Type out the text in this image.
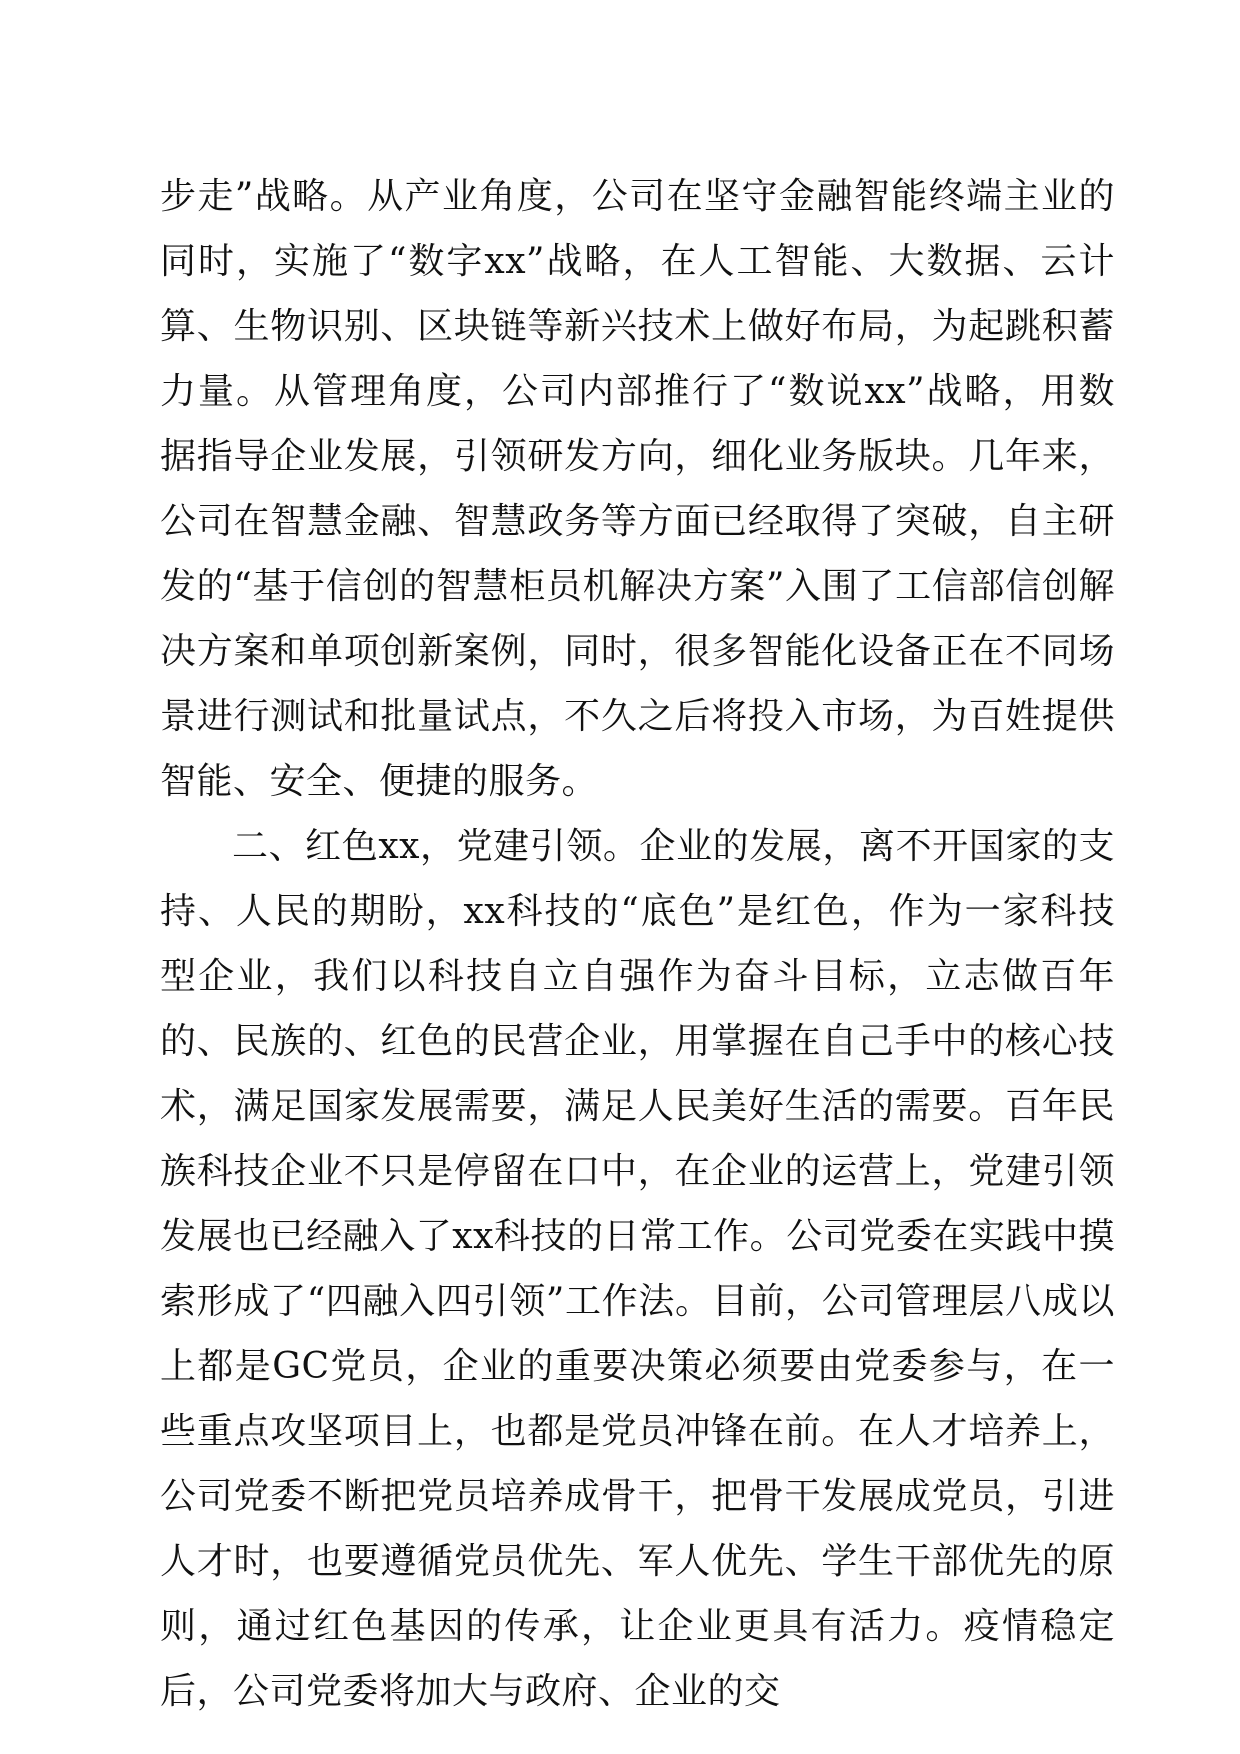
步走”战略。从产业角度，公司在坚守金融智能终端主业的同时，实施了“数字xx”战略，在人工智能、大数据、云计算、生物识别、区块链等新兴技术上做好布局，为起跳积蓄力量。从管理角度，公司内部推行了“数说xx”战略，用数据指导企业发展，引领研发方向，细化业务版块。几年来，公司在智慧金融、智慧政务等方面已经取得了突破，自主研发的“基于信创的智慧柜员机解决方案”入围了工信部信创解决方案和单项创新案例，同时，很多智能化设备正在不同场景进行测试和批量试点，不久之后将投入市场，为百姓提供智能、安全、便捷的服务。

二、红色xx，党建引领。企业的发展，离不开国家的支持、人民的期盼，xx科技的“底色”是红色，作为一家科技型企业，我们以科技自立自强作为奋斗目标，立志做百年的、民族的、红色的民营企业，用掌握在自己手中的核心技术，满足国家发展需要，满足人民美好生活的需要。百年民族科技企业不只是停留在口中，在企业的运营上，党建引领发展也已经融入了xx科技的日常工作。公司党委在实践中摸索形成了“四融入四引领”工作法。目前，公司管理层八成以上都是GC党员，企业的重要决策必须要由党委参与，在一些重点攻坚项目上，也都是党员冲锋在前。在人才培养上，公司党委不断把党员培养成骨干，把骨干发展成党员，引进人才时，也要遵循党员优先、军人优先、学生干部优先的原则，通过红色基因的传承，让企业更具有活力。疫情稳定后，公司党委将加大与政府、企业的交
